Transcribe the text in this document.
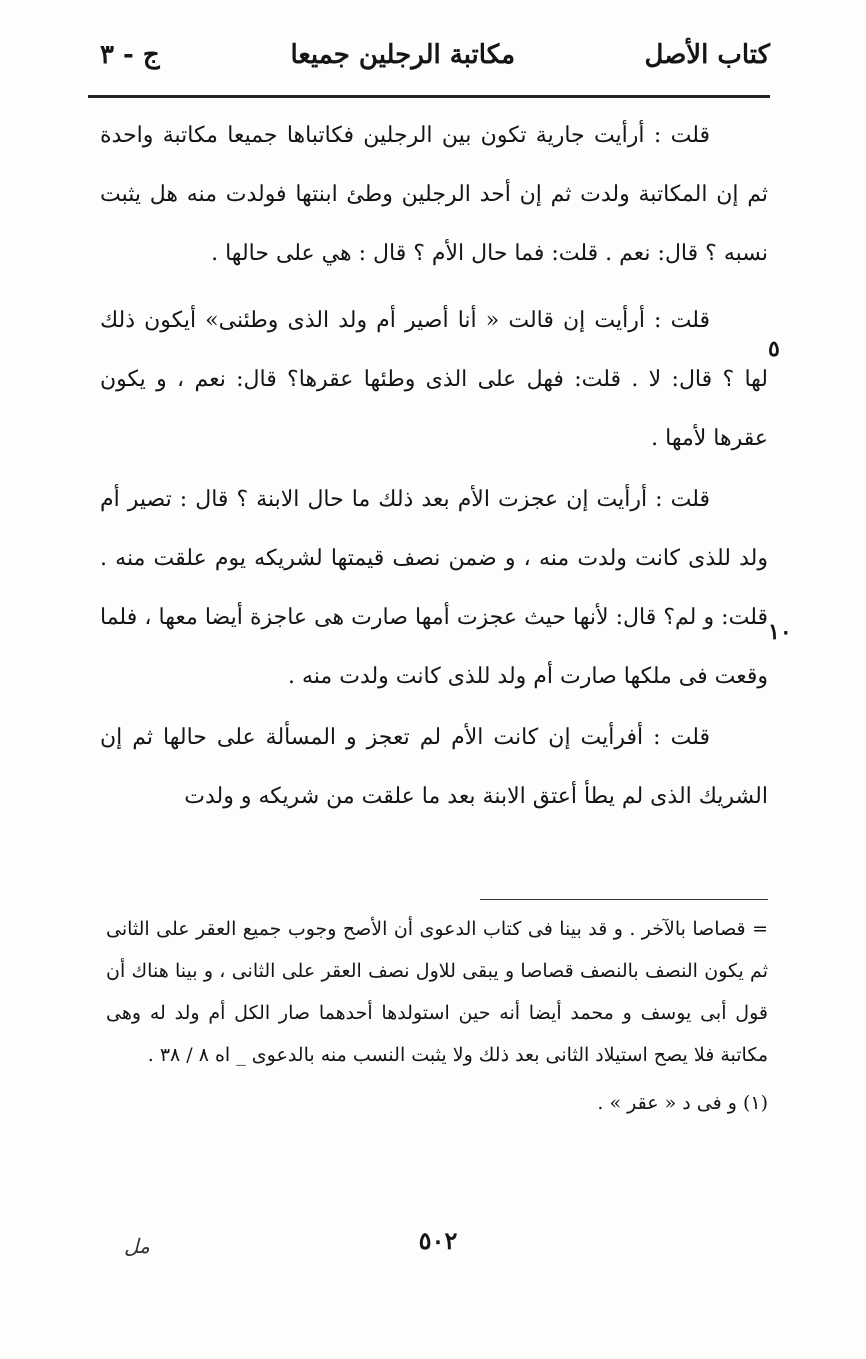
كتاب الأصل
مكاتبة الرجلين جميعا
ج - ٣

قلت : أرأيت جارية تكون بين الرجلين فكاتباها جميعا مكاتبة واحدة ثم إن المكاتبة ولدت ثم إن أحد الرجلين وطئ ابنتها فولدت منه هل يثبت نسبه ؟ قال: نعم . قلت: فما حال الأم ؟ قال : هي على حالها .

قلت : أرأيت إن قالت « أنا أصير أم ولد الذى وطئنى» أيكون ذلك لها ؟ قال: لا . قلت: فهل على الذى وطئها عقرها؟ قال: نعم ، و يكون عقرها لأمها .

قلت : أرأيت إن عجزت الأم بعد ذلك ما حال الابنة ؟ قال : تصير أم ولد للذى كانت ولدت منه ، و ضمن نصف قيمتها لشريكه يوم علقت منه . قلت: و لم؟ قال: لأنها حيث عجزت أمها صارت هى عاجزة أيضا معها ، فلما وقعت فى ملكها صارت أم ولد للذى كانت ولدت منه .

قلت : أفرأيت إن كانت الأم لم تعجز و المسألة على حالها ثم إن الشريك الذى لم يطأ أعتق الابنة بعد ما علقت من شريكه و ولدت

٥
١٠

= قصاصا بالآخر . و قد بينا فى كتاب الدعوى أن الأصح وجوب جميع العقر على الثانى ثم يكون النصف بالنصف قصاصا و يبقى للاول نصف العقر على الثانى ، و بينا هناك أن قول أبى يوسف و محمد أيضا أنه حين استولدها أحدهما صار الكل أم ولد له وهى مكاتبة فلا يصح استيلاد الثانى بعد ذلك ولا يثبت النسب منه بالدعوى _ اه ٨ / ٣٨ .

(١) و فى د « عقر » .

٥٠٢
مل
